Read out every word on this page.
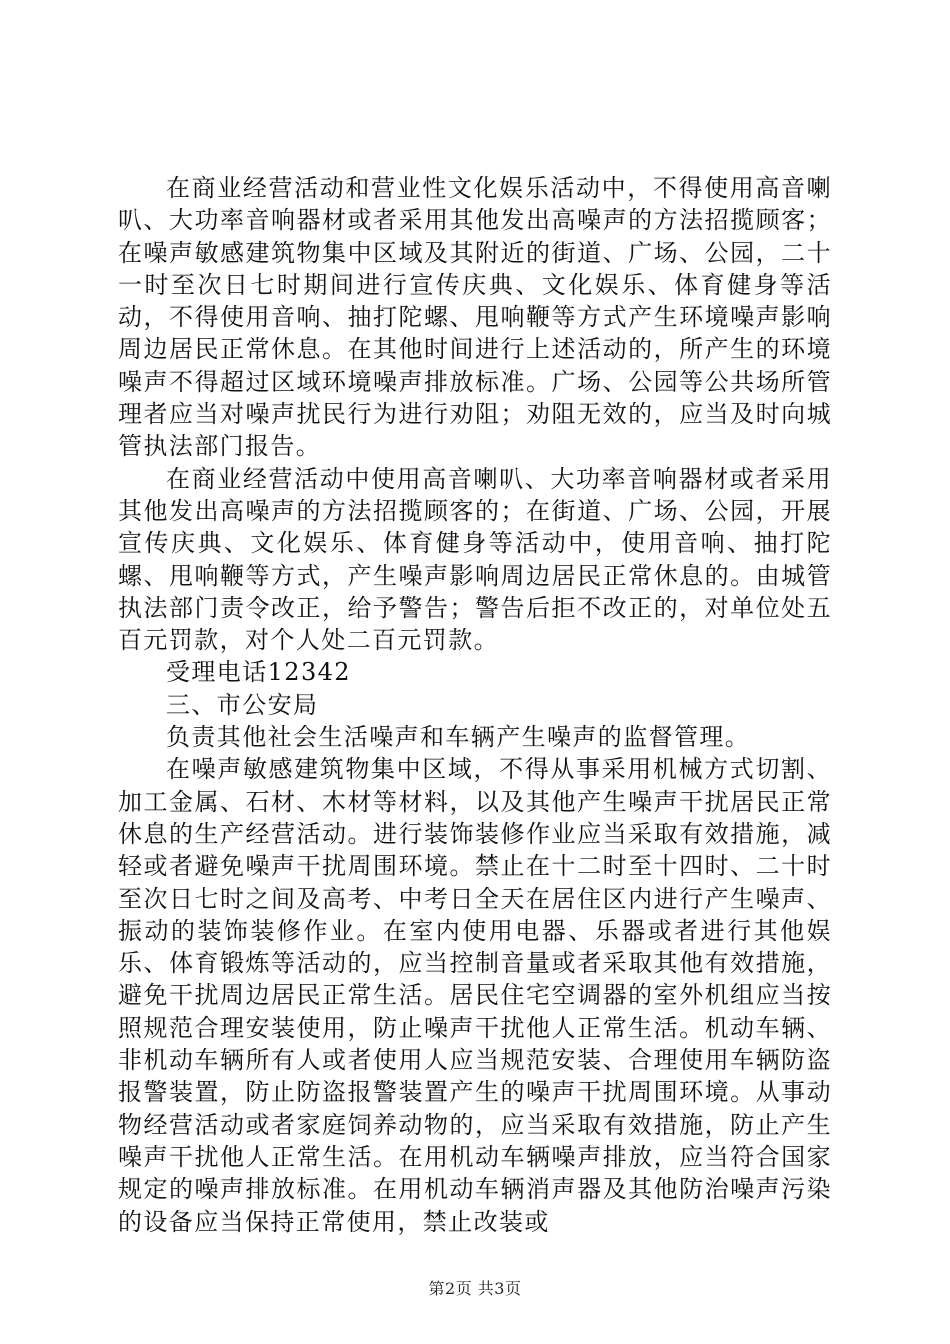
在商业经营活动和营业性文化娱乐活动中，不得使用高音喇叭、大功率音响器材或者采用其他发出高噪声的方法招揽顾客；在噪声敏感建筑物集中区域及其附近的街道、广场、公园，二十一时至次日七时期间进行宣传庆典、文化娱乐、体育健身等活动，不得使用音响、抽打陀螺、甩响鞭等方式产生环境噪声影响周边居民正常休息。在其他时间进行上述活动的，所产生的环境噪声不得超过区域环境噪声排放标准。广场、公园等公共场所管理者应当对噪声扰民行为进行劝阻；劝阻无效的，应当及时向城管执法部门报告。

在商业经营活动中使用高音喇叭、大功率音响器材或者采用其他发出高噪声的方法招揽顾客的；在街道、广场、公园，开展宣传庆典、文化娱乐、体育健身等活动中，使用音响、抽打陀螺、甩响鞭等方式，产生噪声影响周边居民正常休息的。由城管执法部门责令改正，给予警告；警告后拒不改正的，对单位处五百元罚款，对个人处二百元罚款。

受理电话12342

三、市公安局

负责其他社会生活噪声和车辆产生噪声的监督管理。

在噪声敏感建筑物集中区域，不得从事采用机械方式切割、加工金属、石材、木材等材料，以及其他产生噪声干扰居民正常休息的生产经营活动。进行装饰装修作业应当采取有效措施，减轻或者避免噪声干扰周围环境。禁止在十二时至十四时、二十时至次日七时之间及高考、中考日全天在居住区内进行产生噪声、振动的装饰装修作业。在室内使用电器、乐器或者进行其他娱乐、体育锻炼等活动的，应当控制音量或者采取其他有效措施，避免干扰周边居民正常生活。居民住宅空调器的室外机组应当按照规范合理安装使用，防止噪声干扰他人正常生活。机动车辆、非机动车辆所有人或者使用人应当规范安装、合理使用车辆防盗报警装置，防止防盗报警装置产生的噪声干扰周围环境。从事动物经营活动或者家庭饲养动物的，应当采取有效措施，防止产生噪声干扰他人正常生活。在用机动车辆噪声排放，应当符合国家规定的噪声排放标准。在用机动车辆消声器及其他防治噪声污染的设备应当保持正常使用，禁止改装或

第2页 共3页
